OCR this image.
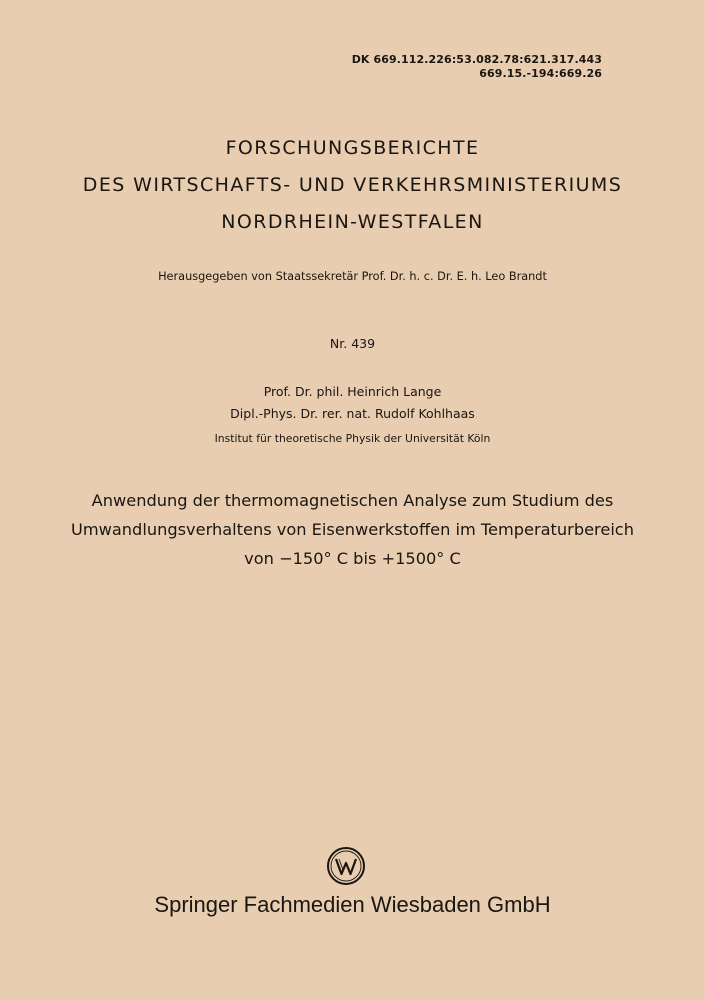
DK 669.112.226:53.082.78:621.317.443
669.15.-194:669.26
FORSCHUNGSBERICHTE
DES WIRTSCHAFTS- UND VERKEHRSMINISTERIUMS
NORDRHEIN-WESTFALEN
Herausgegeben von Staatssekretär Prof. Dr. h. c. Dr. E. h. Leo Brandt
Nr. 439
Prof. Dr. phil. Heinrich Lange
Dipl.-Phys. Dr. rer. nat. Rudolf Kohlhaas
Institut für theoretische Physik der Universität Köln
Anwendung der thermomagnetischen Analyse zum Studium des
Umwandlungsverhaltens von Eisenwerkstoffen im Temperaturbereich
von −150° C bis +1500° C
Springer Fachmedien Wiesbaden GmbH
